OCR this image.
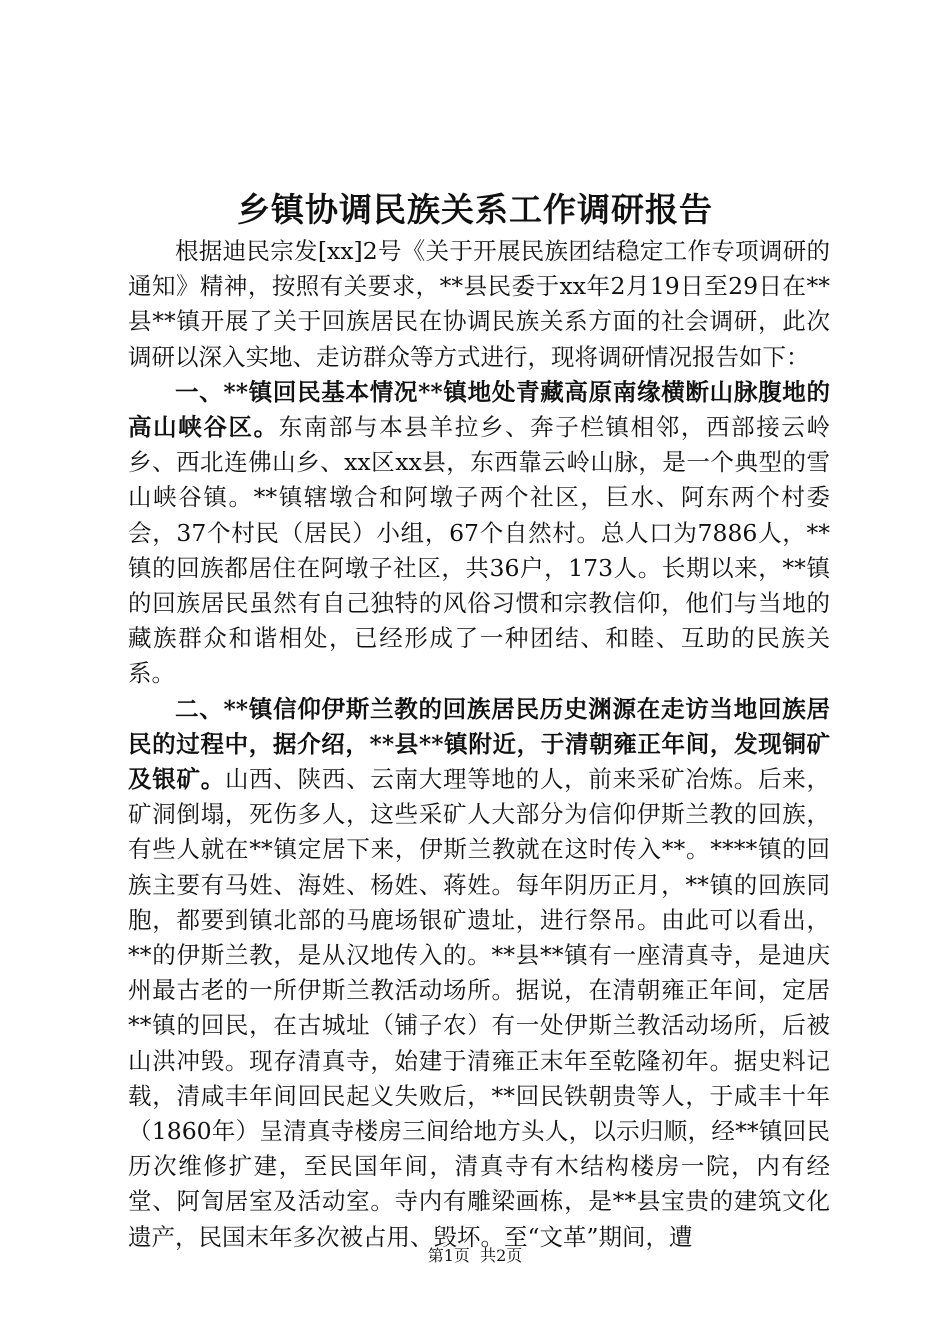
乡镇协调民族关系工作调研报告

根据迪民宗发[xx]2号《关于开展民族团结稳定工作专项调研的通知》精神，按照有关要求，**县民委于xx年2月19日至29日在**县**镇开展了关于回族居民在协调民族关系方面的社会调研，此次调研以深入实地、走访群众等方式进行，现将调研情况报告如下：

一、**镇回民基本情况**镇地处青藏高原南缘横断山脉腹地的高山峡谷区。东南部与本县羊拉乡、奔子栏镇相邻，西部接云岭乡、西北连佛山乡、xx区xx县，东西靠云岭山脉，是一个典型的雪山峡谷镇。**镇辖墩合和阿墩子两个社区，巨水、阿东两个村委会，37个村民（居民）小组，67个自然村。总人口为7886人，**镇的回族都居住在阿墩子社区，共36户，173人。长期以来，**镇的回族居民虽然有自己独特的风俗习惯和宗教信仰，他们与当地的藏族群众和谐相处，已经形成了一种团结、和睦、互助的民族关系。

二、**镇信仰伊斯兰教的回族居民历史渊源在走访当地回族居民的过程中，据介绍，**县**镇附近，于清朝雍正年间，发现铜矿及银矿。山西、陕西、云南大理等地的人，前来采矿冶炼。后来，矿洞倒塌，死伤多人，这些采矿人大部分为信仰伊斯兰教的回族，有些人就在**镇定居下来，伊斯兰教就在这时传入**。****镇的回族主要有马姓、海姓、杨姓、蒋姓。每年阴历正月，**镇的回族同胞，都要到镇北部的马鹿场银矿遗址，进行祭吊。由此可以看出，**的伊斯兰教，是从汉地传入的。**县**镇有一座清真寺，是迪庆州最古老的一所伊斯兰教活动场所。据说，在清朝雍正年间，定居**镇的回民，在古城址（铺子农）有一处伊斯兰教活动场所，后被山洪冲毁。现存清真寺，始建于清雍正末年至乾隆初年。据史料记载，清咸丰年间回民起义失败后，**回民铁朝贵等人，于咸丰十年（1860年）呈清真寺楼房三间给地方头人，以示归顺，经**镇回民历次维修扩建，至民国年间，清真寺有木结构楼房一院，内有经堂、阿訇居室及活动室。寺内有雕梁画栋，是**县宝贵的建筑文化遗产，民国末年多次被占用、毁坏。至“文革”期间，遭

第1页  共2页
